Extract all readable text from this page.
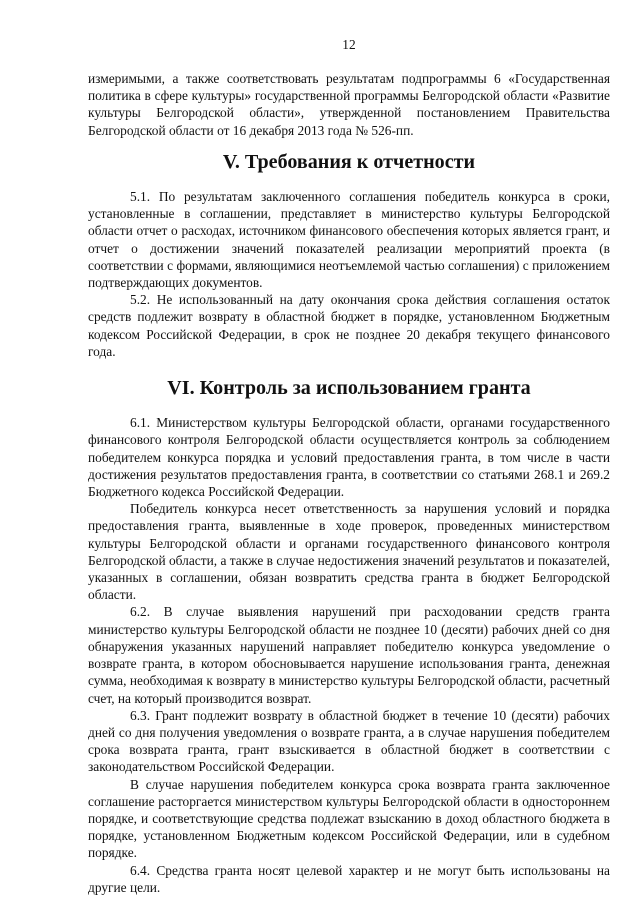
12

измеримыми, а также соответствовать результатам подпрограммы 6 «Государственная политика в сфере культуры» государственной программы Белгородской области «Развитие культуры Белгородской области», утвержденной постановлением Правительства Белгородской области от 16 декабря 2013 года № 526-пп.

V. Требования к отчетности

5.1. По результатам заключенного соглашения победитель конкурса в сроки, установленные в соглашении, представляет в министерство культуры Белгородской области отчет о расходах, источником финансового обеспечения которых является грант, и отчет о достижении значений показателей реализации мероприятий проекта (в соответствии с формами, являющимися неотъемлемой частью соглашения) с приложением подтверждающих документов.

5.2. Не использованный на дату окончания срока действия соглашения остаток средств подлежит возврату в областной бюджет в порядке, установленном Бюджетным кодексом Российской Федерации, в срок не позднее 20 декабря текущего финансового года.

VI. Контроль за использованием гранта

6.1. Министерством культуры Белгородской области, органами государственного финансового контроля Белгородской области осуществляется контроль за соблюдением победителем конкурса порядка и условий предоставления гранта, в том числе в части достижения результатов предоставления гранта, в соответствии со статьями 268.1 и 269.2 Бюджетного кодекса Российской Федерации.

Победитель конкурса несет ответственность за нарушения условий и порядка предоставления гранта, выявленные в ходе проверок, проведенных министерством культуры Белгородской области и органами государственного финансового контроля Белгородской области, а также в случае недостижения значений результатов и показателей, указанных в соглашении, обязан возвратить средства гранта в бюджет Белгородской области.

6.2. В случае выявления нарушений при расходовании средств гранта министерство культуры Белгородской области не позднее 10 (десяти) рабочих дней со дня обнаружения указанных нарушений направляет победителю конкурса уведомление о возврате гранта, в котором обосновывается нарушение использования гранта, денежная сумма, необходимая к возврату в министерство культуры Белгородской области, расчетный счет, на который производится возврат.

6.3. Грант подлежит возврату в областной бюджет в течение 10 (десяти) рабочих дней со дня получения уведомления о возврате гранта, а в случае нарушения победителем срока возврата гранта, грант взыскивается в областной бюджет в соответствии с законодательством Российской Федерации.

В случае нарушения победителем конкурса срока возврата гранта заключенное соглашение расторгается министерством культуры Белгородской области в одностороннем порядке, и соответствующие средства подлежат взысканию в доход областного бюджета в порядке, установленном Бюджетным кодексом Российской Федерации, или в судебном порядке.

6.4. Средства гранта носят целевой характер и не могут быть использованы на другие цели.
